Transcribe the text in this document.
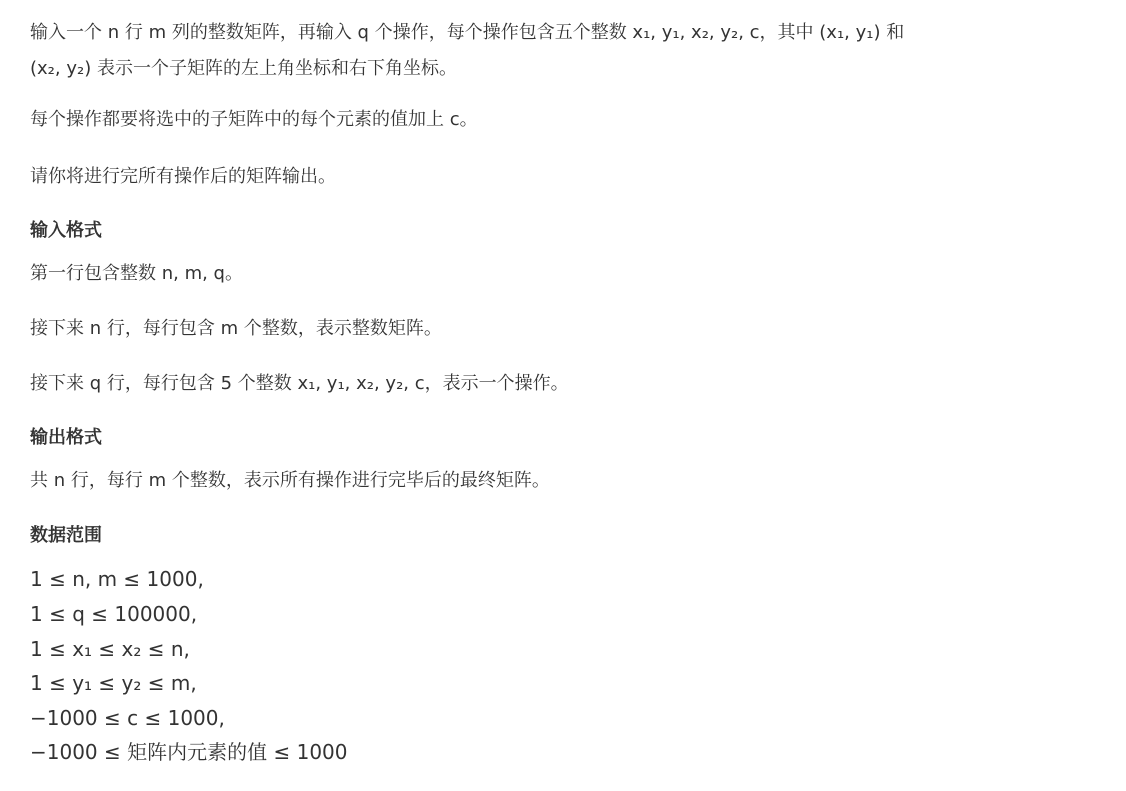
输入一个 n 行 m 列的整数矩阵，再输入 q 个操作，每个操作包含五个整数 x₁, y₁, x₂, y₂, c，其中 (x₁, y₁) 和
(x₂, y₂) 表示一个子矩阵的左上角坐标和右下角坐标。
每个操作都要将选中的子矩阵中的每个元素的值加上 c。
请你将进行完所有操作后的矩阵输出。
输入格式
第一行包含整数 n, m, q。
接下来 n 行，每行包含 m 个整数，表示整数矩阵。
接下来 q 行，每行包含 5 个整数 x₁, y₁, x₂, y₂, c，表示一个操作。
输出格式
共 n 行，每行 m 个整数，表示所有操作进行完毕后的最终矩阵。
数据范围
1 ≤ n, m ≤ 1000,
1 ≤ q ≤ 100000,
1 ≤ x₁ ≤ x₂ ≤ n,
1 ≤ y₁ ≤ y₂ ≤ m,
−1000 ≤ c ≤ 1000,
−1000 ≤ 矩阵内元素的值 ≤ 1000
